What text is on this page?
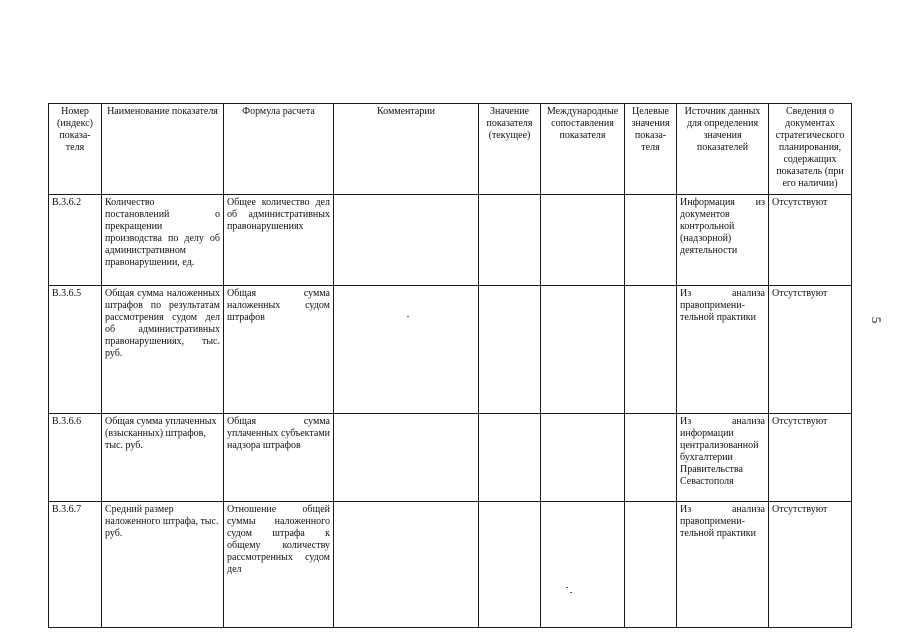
Номер (индекс) показа-теля	Наименование показателя	Формула расчета	Комментарии	Значение показателя (текущее)	Международные сопоставления показателя	Целевые значения показа-теля	Источник данных для определения значения показателей	Сведения о документах стратегического планирования, содержащих показатель (при его наличии)
В.3.6.2	Количество постановлений о прекращении производства по делу об административном правонарушении, ед.	Общее количество дел об административных правонарушениях					Информация из документов контрольной (надзорной) деятельности	Отсутствуют
В.3.6.5	Общая сумма наложенных штрафов по результатам рассмотрения судом дел об административных правонарушениях, тыс. руб.	Общая сумма наложенных судом штрафов					Из анализа правопримени-тельной практики	Отсутствуют
В.3.6.6	Общая сумма уплаченных (взысканных) штрафов, тыс. руб.	Общая сумма уплаченных субъектами надзора штрафов					Из анализа информации централизованной бухгалтерии Правительства Севастополя	Отсутствуют
В.3.6.7	Средний размер наложенного штрафа, тыс. руб.	Отношение общей суммы наложенного судом штрафа к общему количеству рассмотренных судом дел					Из анализа правопримени-тельной практики	Отсутствуют
5
